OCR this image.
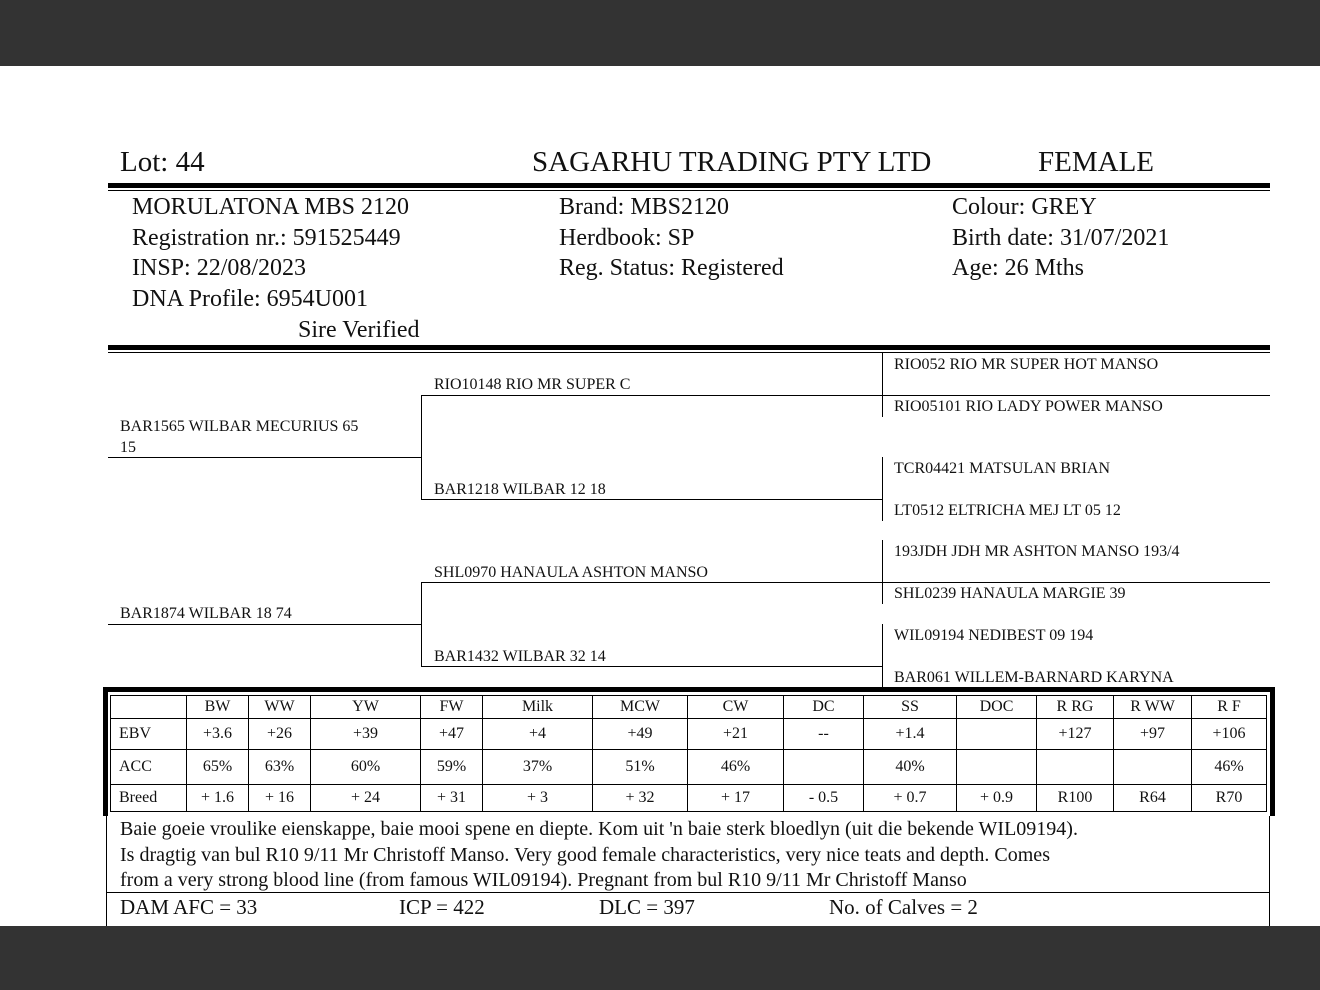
Lot: 44	SAGARHU TRADING PTY LTD	FEMALE
MORULATONA MBS 2120
Registration nr.: 591525449
INSP: 22/08/2023
DNA Profile: 6954U001
Sire Verified
Brand: MBS2120
Herdbook: SP
Reg. Status: Registered
Colour: GREY
Birth date: 31/07/2021
Age: 26 Mths
BAR1565 WILBAR MECURIUS 65
15
BAR1874 WILBAR 18 74
RIO10148 RIO MR SUPER C
BAR1218 WILBAR 12 18
SHL0970 HANAULA ASHTON MANSO
BAR1432 WILBAR 32 14
RIO052 RIO MR SUPER HOT MANSO
RIO05101 RIO LADY POWER MANSO
TCR04421 MATSULAN BRIAN
LT0512 ELTRICHA MEJ LT 05 12
193JDH JDH MR ASHTON MANSO 193/4
SHL0239 HANAULA MARGIE 39
WIL09194 NEDIBEST 09 194
BAR061 WILLEM-BARNARD KARYNA
	BW	WW	YW	FW	Milk	MCW	CW	DC	SS	DOC	R RG	R WW	R F
EBV	+3.6	+26	+39	+47	+4	+49	+21	--	+1.4		+127	+97	+106
ACC	65%	63%	60%	59%	37%	51%	46%		40%				46%
Breed	+ 1.6	+ 16	+ 24	+ 31	+ 3	+ 32	+ 17	- 0.5	+ 0.7	+ 0.9	R100	R64	R70
Baie goeie vroulike eienskappe, baie mooi spene en diepte. Kom uit 'n baie sterk bloedlyn (uit die bekende WIL09194).
Is dragtig van bul R10 9/11 Mr Christoff Manso. Very good female characteristics, very nice teats and depth. Comes
from a very strong blood line (from famous WIL09194). Pregnant from bul R10 9/11 Mr Christoff Manso
DAM AFC = 33	ICP = 422	DLC = 397	No. of Calves = 2
